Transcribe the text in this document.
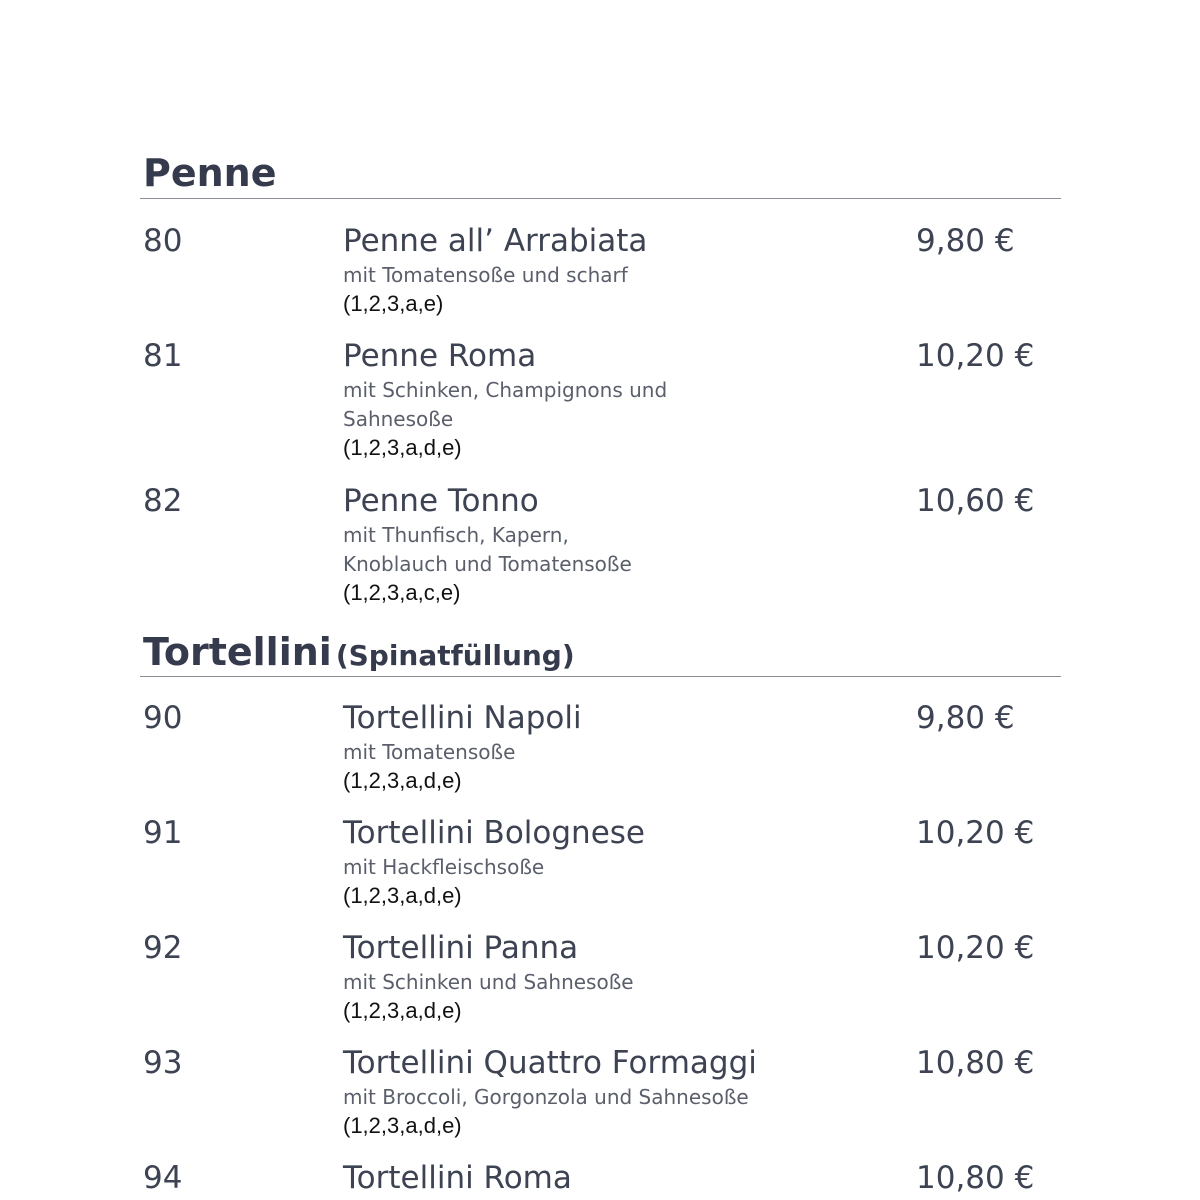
Penne
80	Penne all’ Arrabiata	9,80 €
mit Tomatensoße und scharf
(1,2,3,a,e)
81	Penne Roma	10,20 €
mit Schinken, Champignons und Sahnesoße
(1,2,3,a,d,e)
82	Penne Tonno	10,60 €
mit Thunfisch, Kapern, Knoblauch und Tomatensoße
(1,2,3,a,c,e)
Tortellini (Spinatfüllung)
90	Tortellini Napoli	9,80 €
mit Tomatensoße
(1,2,3,a,d,e)
91	Tortellini Bolognese	10,20 €
mit Hackfleischsoße
(1,2,3,a,d,e)
92	Tortellini Panna	10,20 €
mit Schinken und Sahnesoße
(1,2,3,a,d,e)
93	Tortellini Quattro Formaggi	10,80 €
mit Broccoli, Gorgonzola und Sahnesoße
(1,2,3,a,d,e)
94	Tortellini Roma	10,80 €
